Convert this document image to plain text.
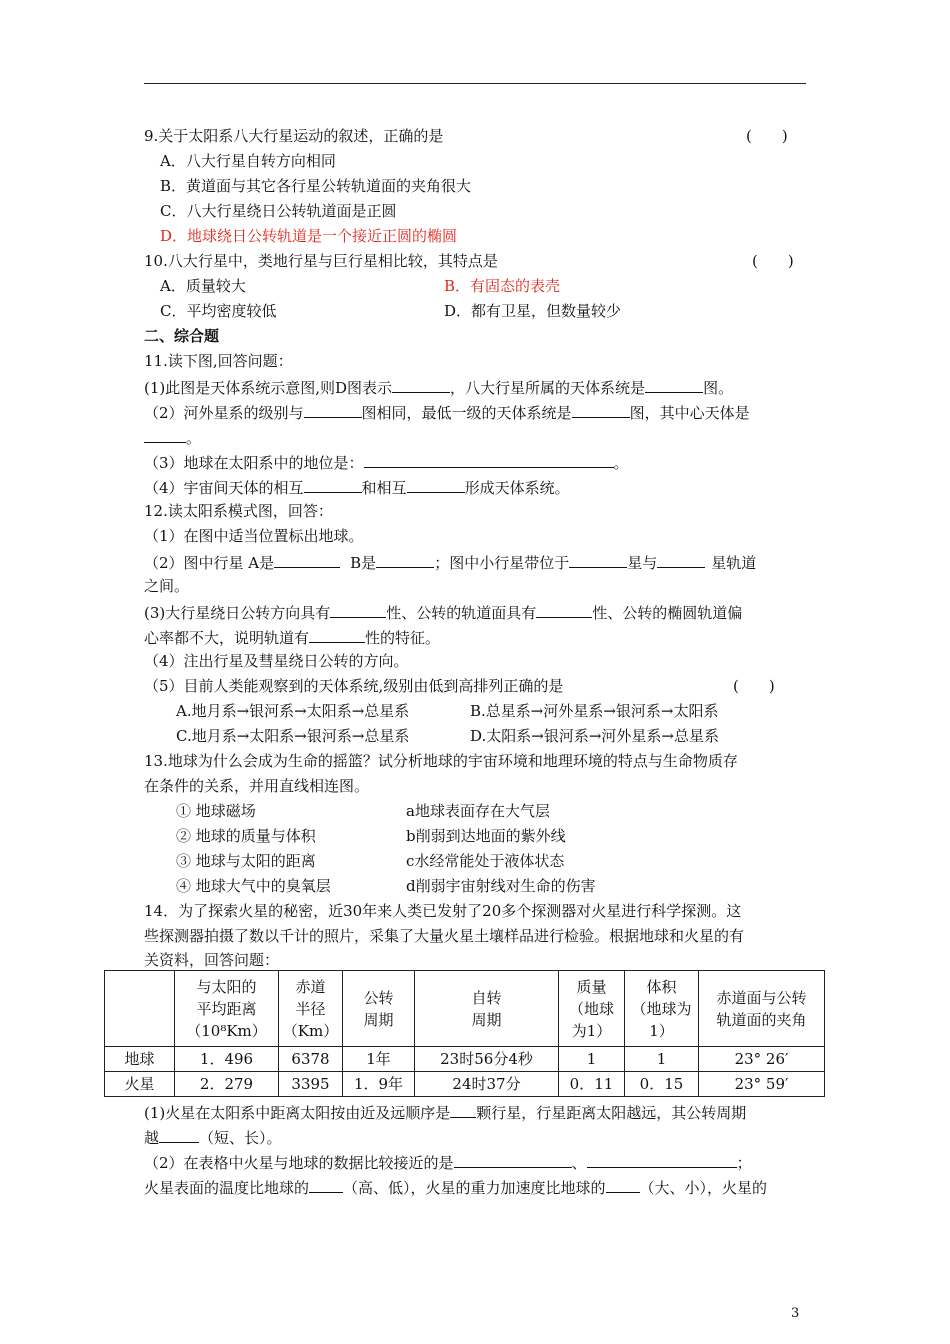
9.关于太阳系八大行星运动的叙述，正确的是	(　　)
A．八大行星自转方向相同
B．黄道面与其它各行星公转轨道面的夹角很大
C．八大行星绕日公转轨道面是正圆
D．地球绕日公转轨道是一个接近正圆的椭圆
10.八大行星中，类地行星与巨行星相比较，其特点是	(　　)
A．质量较大	B．有固态的表壳
C．平均密度较低	D．都有卫星，但数量较少
二、综合题
11.读下图,回答问题：
(1)此图是天体系统示意图,则D图表示	，八大行星所属的天体系统是	图。
（2）河外星系的级别与	图相同，最低一级的天体系统是	图，其中心天体是
。
（3）地球在太阳系中的地位是：	。
（4）宇宙间天体的相互	和相互	形成天体系统。
12.读太阳系模式图，回答：
（1）在图中适当位置标出地球。
（2）图中行星 A是	B是	；图中小行星带位于	星与	星轨道
之间。
(3)大行星绕日公转方向具有	性、公转的轨道面具有	性、公转的椭圆轨道偏
心率都不大，说明轨道有	性的特征。
（4）注出行星及彗星绕日公转的方向。
（5）目前人类能观察到的天体系统,级别由低到高排列正确的是	(　　)
A.地月系→银河系→太阳系→总星系	B.总星系→河外星系→银河系→太阳系
C.地月系→太阳系→银河系→总星系	D.太阳系→银河系→河外星系→总星系
13.地球为什么会成为生命的摇篮？试分析地球的宇宙环境和地理环境的特点与生命物质存
在条件的关系，并用直线相连图。
① 地球磁场	a地球表面存在大气层
② 地球的质量与体积	b削弱到达地面的紫外线
③ 地球与太阳的距离	c水经常能处于液体状态
④ 地球大气中的臭氧层	d削弱宇宙射线对生命的伤害
14．为了探索火星的秘密，近30年来人类已发射了20多个探测器对火星进行科学探测。这
些探测器拍摄了数以千计的照片，采集了大量火星土壤样品进行检验。根据地球和火星的有
关资料，回答问题：

	与太阳的
平均距离
（10⁸Km）	赤道
半径
（Km）	公转
周期	自转
周期	质量
（地球
为1）	体积
（地球为
1）	赤道面与公转
轨道面的夹角

地球	1．496	6378	1年	23时56分4秒	1	1	23° 26′
火星	2．279	3395	1．9年	24时37分	0．11	0．15	23° 59′
(1)火星在太阳系中距离太阳按由近及远顺序是 颗行星，行星距离太阳越远，其公转周期
越	（短、长）。
（2）在表格中火星与地球的数据比较接近的是	、	；
火星表面的温度比地球的 （高、低），火星的重力加速度比地球的 （大、小），火星的
3
